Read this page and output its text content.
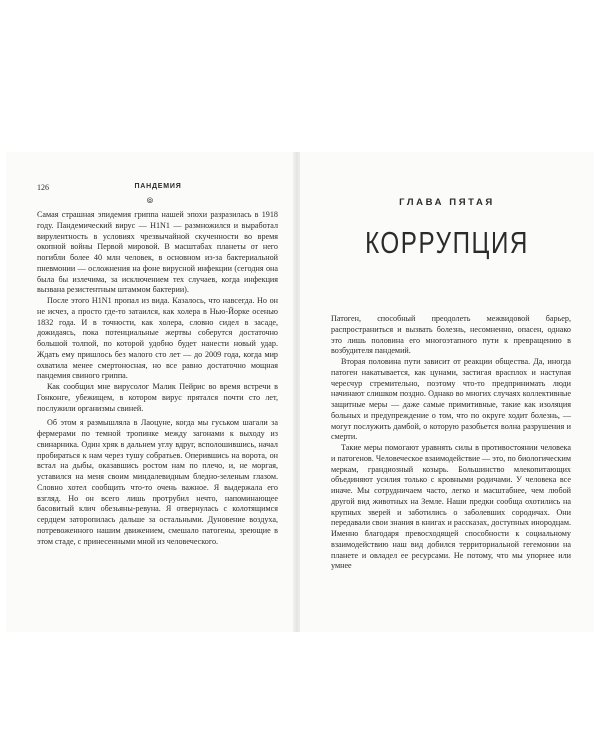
126	ПАНДЕМИЯ
⦾

Самая страшная эпидемия гриппа нашей эпохи разразилась в 1918 году. Пандемический вирус — H1N1 — размножился и выработал вирулентность в условиях чрезвычайной скученности во время окопной войны Первой мировой. В масштабах планеты от него погибли более 40 млн человек, в основном из-за бактериальной пневмонии — осложнения на фоне вирусной инфекции (сегодня она была бы излечима, за исключением тех случаев, когда инфекция вызвана резистентным штаммом бактерии).

После этого H1N1 пропал из вида. Казалось, что навсегда. Но он не исчез, а просто где-то затаился, как холера в Нью-Йорке осенью 1832 года. И в точности, как холера, словно сидел в засаде, дожидаясь, пока потенциальные жертвы соберутся достаточно большой толпой, по которой удобно будет нанести новый удар. Ждать ему пришлось без малого сто лет — до 2009 года, когда мир охватила менее смертоносная, но все равно достаточно мощная пандемия свиного гриппа.

Как сообщил мне вирусолог Малик Пейрис во время встречи в Гонконге, убежищем, в котором вирус прятался почти сто лет, послужили организмы свиней.

Об этом я размышляла в Лаоцуне, когда мы гуськом шагали за фермерами по темной тропинке между загонами к выходу из свинарника. Один хряк в дальнем углу вдруг, всполошившись, начал пробираться к нам через тушу собратьев. Оперившись на ворота, он встал на дыбы, оказавшись ростом нам по плечо, и, не моргая, уставился на меня своим миндалевидным бледно-зеленым глазом. Словно хотел сообщить что-то очень важное. Я выдержала его взгляд. Но он всего лишь протрубил нечто, напоминающее басовитый клич обезьяны-ревуна. Я отвернулась с колотящимся сердцем заторопилась дальше за остальными. Дуновение воздуха, потревоженного нашим движением, смешало патогены, зреющие в этом стаде, с принесенными мной из человеческого.

ГЛАВА ПЯТАЯ
КОРРУПЦИЯ

Патоген, способный преодолеть межвидовой барьер, распространиться и вызвать болезнь, несомненно, опасен, однако это лишь половина его многоэтапного пути к превращению в возбудителя пандемий.

Вторая половина пути зависит от реакции общества. Да, иногда патоген накатывается, как цунами, застигая врасплох и наступая чересчур стремительно, поэтому что-то предпринимать люди начинают слишком поздно. Однако во многих случаях коллективные защитные меры — даже самые примитивные, такие как изоляция больных и предупреждение о том, что по округе ходит болезнь, — могут послужить дамбой, о которую разобьется волна разрушения и смерти.

Такие меры помогают уравнять силы в противостоянии человека и патогенов. Человеческое взаимодействие — это, по биологическим меркам, грандиозный козырь. Большинство млекопитающих объединяют усилия только с кровными родичами. У человека все иначе. Мы сотрудничаем часто, легко и масштабнее, чем любой другой вид животных на Земле. Наши предки сообща охотились на крупных зверей и заботились о заболевших сородичах. Они передавали свои знания в книгах и рассказах, доступных инородцам. Именно благодаря превосходящей способности к социальному взаимодействию наш вид добился территориальной гегемонии на планете и овладел ее ресурсами. Не потому, что мы упорнее или умнее
